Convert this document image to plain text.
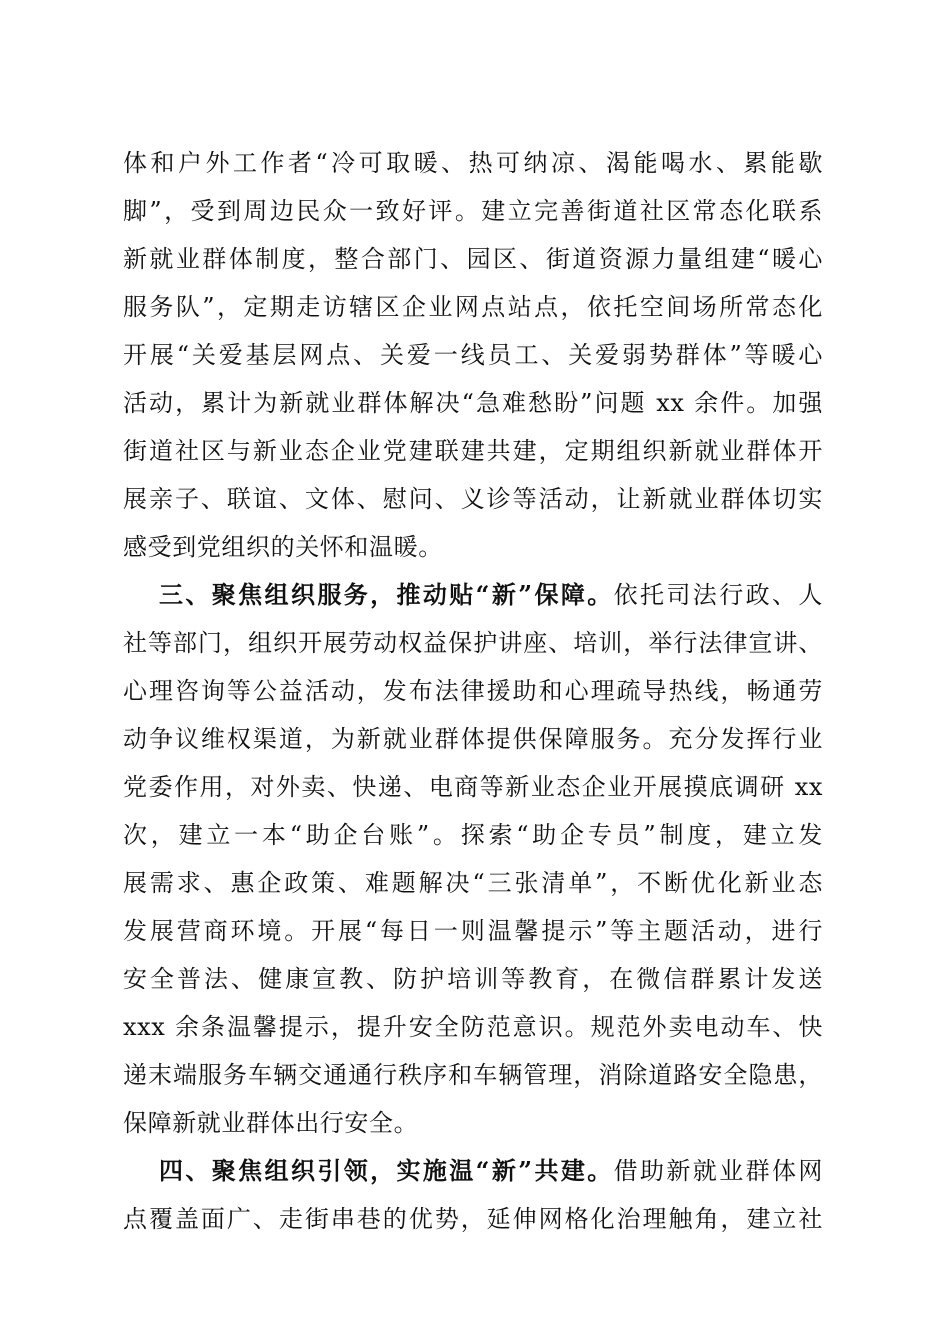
体和户外工作者“冷可取暖、热可纳凉、渴能喝水、累能歇
脚”，受到周边民众一致好评。建立完善街道社区常态化联系
新就业群体制度，整合部门、园区、街道资源力量组建“暖心
服务队”，定期走访辖区企业网点站点，依托空间场所常态化
开展“关爱基层网点、关爱一线员工、关爱弱势群体”等暖心
活动，累计为新就业群体解决“急难愁盼”问题 xx 余件。加强
街道社区与新业态企业党建联建共建，定期组织新就业群体开
展亲子、联谊、文体、慰问、义诊等活动，让新就业群体切实
感受到党组织的关怀和温暖。
三、聚焦组织服务，推动贴“新”保障。依托司法行政、人
社等部门，组织开展劳动权益保护讲座、培训，举行法律宣讲、
心理咨询等公益活动，发布法律援助和心理疏导热线，畅通劳
动争议维权渠道，为新就业群体提供保障服务。充分发挥行业
党委作用，对外卖、快递、电商等新业态企业开展摸底调研 xx
次，建立一本“助企台账”。探索“助企专员”制度，建立发
展需求、惠企政策、难题解决“三张清单”，不断优化新业态
发展营商环境。开展“每日一则温馨提示”等主题活动，进行
安全普法、健康宣教、防护培训等教育，在微信群累计发送
xxx 余条温馨提示，提升安全防范意识。规范外卖电动车、快
递末端服务车辆交通通行秩序和车辆管理，消除道路安全隐患，
保障新就业群体出行安全。
四、聚焦组织引领，实施温“新”共建。借助新就业群体网
点覆盖面广、走街串巷的优势，延伸网格化治理触角，建立社
